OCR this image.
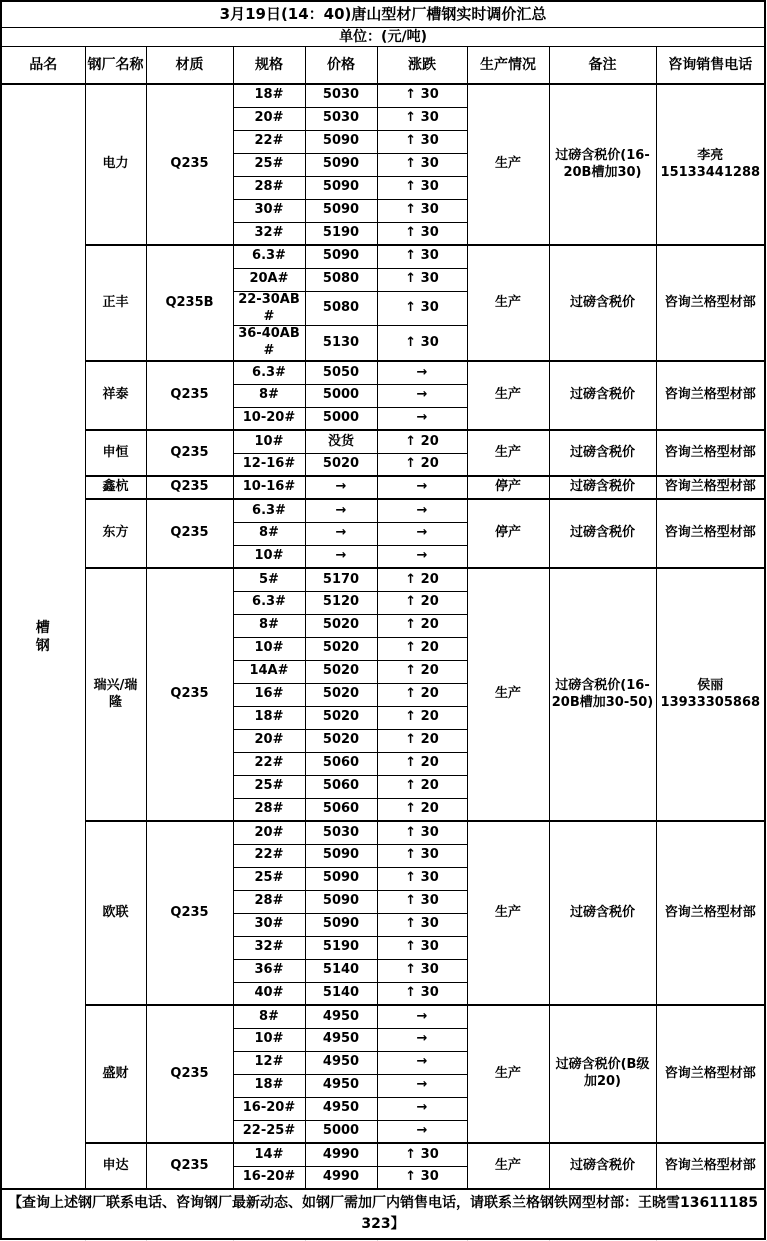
3月19日(14：40)唐山型材厂槽钢实时调价汇总								
单位：(元/吨)								
品名	钢厂名称	材质	规格	价格	涨跌	生产情况	备注	咨询销售电话

槽
钢	电力	Q235	18#	5030	↑ 30	生产	过磅含税价(16-20B槽加30)	李亮
15133441288

			20#	5030	↑ 30			
			22#	5090	↑ 30			
			25#	5090	↑ 30			
			28#	5090	↑ 30			
			30#	5090	↑ 30			
			32#	5190	↑ 30			
	正丰	Q235B	6.3#	5090	↑ 30	生产	过磅含税价	咨询兰格型材部

			20A#	5080	↑ 30			
			22-30AB#	5080	↑ 30			
			36-40AB#	5130	↑ 30			
	祥泰	Q235	6.3#	5050	→	生产	过磅含税价	咨询兰格型材部

			8#	5000	→			
			10-20#	5000	→			
	申恒	Q235	10#	没货	↑ 20	生产	过磅含税价	咨询兰格型材部

			12-16#	5020	↑ 20			
	鑫杭	Q235	10-16#	→	→	停产	过磅含税价	咨询兰格型材部

	东方	Q235	6.3#	→	→	停产	过磅含税价	咨询兰格型材部

			8#	→	→			
			10#	→	→			
	瑞兴/瑞隆	Q235	5#	5170	↑ 20	生产	过磅含税价(16-20B槽加30-50)	侯丽
13933305868

			6.3#	5120	↑ 20			
			8#	5020	↑ 20			
			10#	5020	↑ 20			
			14A#	5020	↑ 20			
			16#	5020	↑ 20			
			18#	5020	↑ 20			
			20#	5020	↑ 20			
			22#	5060	↑ 20			
			25#	5060	↑ 20			
			28#	5060	↑ 20			
	欧联	Q235	20#	5030	↑ 30	生产	过磅含税价	咨询兰格型材部

			22#	5090	↑ 30			
			25#	5090	↑ 30			
			28#	5090	↑ 30			
			30#	5090	↑ 30			
			32#	5190	↑ 30			
			36#	5140	↑ 30			
			40#	5140	↑ 30			
	盛财	Q235	8#	4950	→	生产	过磅含税价(B级加20)	咨询兰格型材部

			10#	4950	→			
			12#	4950	→			
			18#	4950	→			
			16-20#	4950	→			
			22-25#	5000	→			
	申达	Q235	14#	4990	↑ 30	生产	过磅含税价	咨询兰格型材部

			16-20#	4990	↑ 30			
【查询上述钢厂联系电话、咨询钢厂最新动态、如钢厂需加厂内销售电话，请联系兰格钢铁网型材部：王晓雪13611185323】								
